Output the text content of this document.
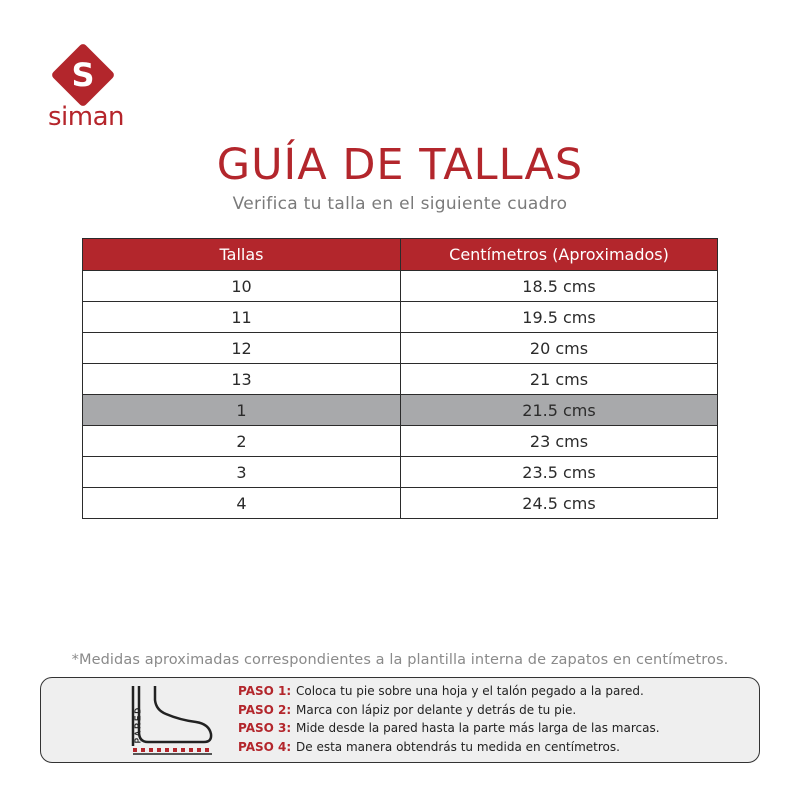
S
siman
GUÍA DE TALLAS
Verifica tu talla en el siguiente cuadro
Tallas	Centímetros (Aproximados)
10	18.5 cms
11	19.5 cms
12	20 cms
13	21 cms
1	21.5 cms
2	23 cms
3	23.5 cms
4	24.5 cms
*Medidas aproximadas correspondientes a la plantilla interna de zapatos en centímetros.
PARED
PASO 1: Coloca tu pie sobre una hoja y el talón pegado a la pared.
PASO 2: Marca con lápiz por delante y detrás de tu pie.
PASO 3: Mide desde la pared hasta la parte más larga de las marcas.
PASO 4: De esta manera obtendrás tu medida en centímetros.
